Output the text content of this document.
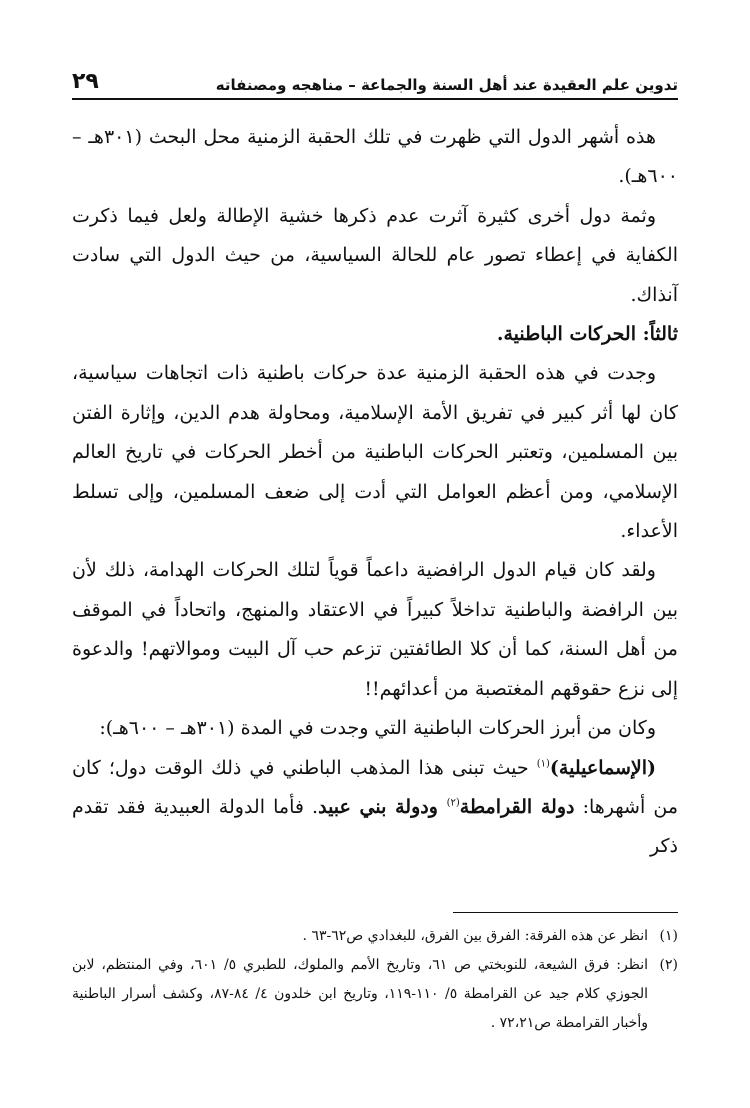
تدوين علم العقيدة عند أهل السنة والجماعة – مناهجه ومصنفاته
٢٩

هذه أشهر الدول التي ظهرت في تلك الحقبة الزمنية محل البحث (٣٠١هـ – ٦٠٠هـ).

وثمة دول أخرى كثيرة آثرت عدم ذكرها خشية الإطالة ولعل فيما ذكرت الكفاية في إعطاء تصور عام للحالة السياسية، من حيث الدول التي سادت آنذاك.

ثالثاً: الحركات الباطنية.

وجدت في هذه الحقبة الزمنية عدة حركات باطنية ذات اتجاهات سياسية، كان لها أثر كبير في تفريق الأمة الإسلامية، ومحاولة هدم الدين، وإثارة الفتن بين المسلمين، وتعتبر الحركات الباطنية من أخطر الحركات في تاريخ العالم الإسلامي، ومن أعظم العوامل التي أدت إلى ضعف المسلمين، وإلى تسلط الأعداء.

ولقد كان قيام الدول الرافضية داعماً قوياً لتلك الحركات الهدامة، ذلك لأن بين الرافضة والباطنية تداخلاً كبيراً في الاعتقاد والمنهج، واتحاداً في الموقف من أهل السنة، كما أن كلا الطائفتين تزعم حب آل البيت وموالاتهم! والدعوة إلى نزع حقوقهم المغتصبة من أعدائهم!!

وكان من أبرز الحركات الباطنية التي وجدت في المدة (٣٠١هـ – ٦٠٠هـ):

(الإسماعيلية)$^{(١)}$ حيث تبنى هذا المذهب الباطني في ذلك الوقت دول؛ كان من أشهرها: دولة القرامطة$^{(٢)}$ ودولة بني عبيد. فأما الدولة العبيدية فقد تقدم ذكر

(١)انظر عن هذه الفرقة: الفرق بين الفرق، للبغدادي ص٦٢-٦٣ .

(٢)انظر: فرق الشيعة، للنوبختي ص ٦١، وتاريخ الأمم والملوك، للطبري ٥/ ٦٠١، وفي المنتظم، لابن الجوزي كلام جيد عن القرامطة ٥/ ١١٠-١١٩، وتاريخ ابن خلدون ٤/ ٨٤-٨٧، وكشف أسرار الباطنية وأخبار القرامطة ص٧٢،٢١ .
